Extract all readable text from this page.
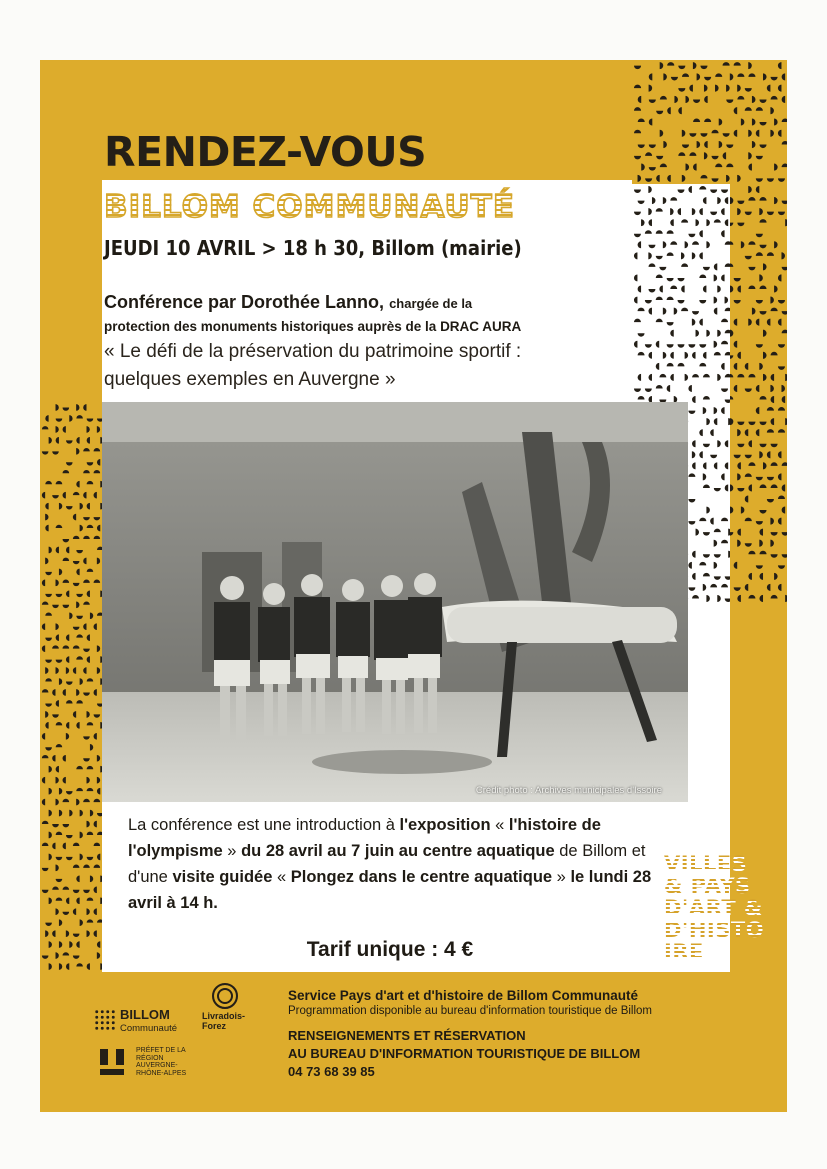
RENDEZ-VOUS
BILLOM COMMUNAUTÉ
JEUDI 10 AVRIL > 18 h 30, Billom (mairie)
Conférence par Dorothée Lanno, chargée de la
protection des monuments historiques auprès de la DRAC AURA
« Le défi de la préservation du patrimoine sportif :
quelques exemples en Auvergne »
Crédit photo : Archives municipales d'Issoire
La conférence est une introduction à l'exposition « l'histoire de l'olympisme » du 28 avril au 7 juin au centre aquatique de Billom et d'une visite guidée « Plongez dans le centre aquatique » le lundi 28 avril à 14 h.
VILLES
& PAYS
D'ART &
D'HISTO
IRE
Tarif unique : 4 €
BILLOM
Communauté
Livradois-Forez
PRÉFET DE LA RÉGION AUVERGNE-RHÔNE-ALPES
Service Pays d'art et d'histoire de Billom Communauté
Programmation disponible au bureau d'information touristique de Billom
RENSEIGNEMENTS ET RÉSERVATION
AU BUREAU D'INFORMATION TOURISTIQUE DE BILLOM
04 73 68 39 85
